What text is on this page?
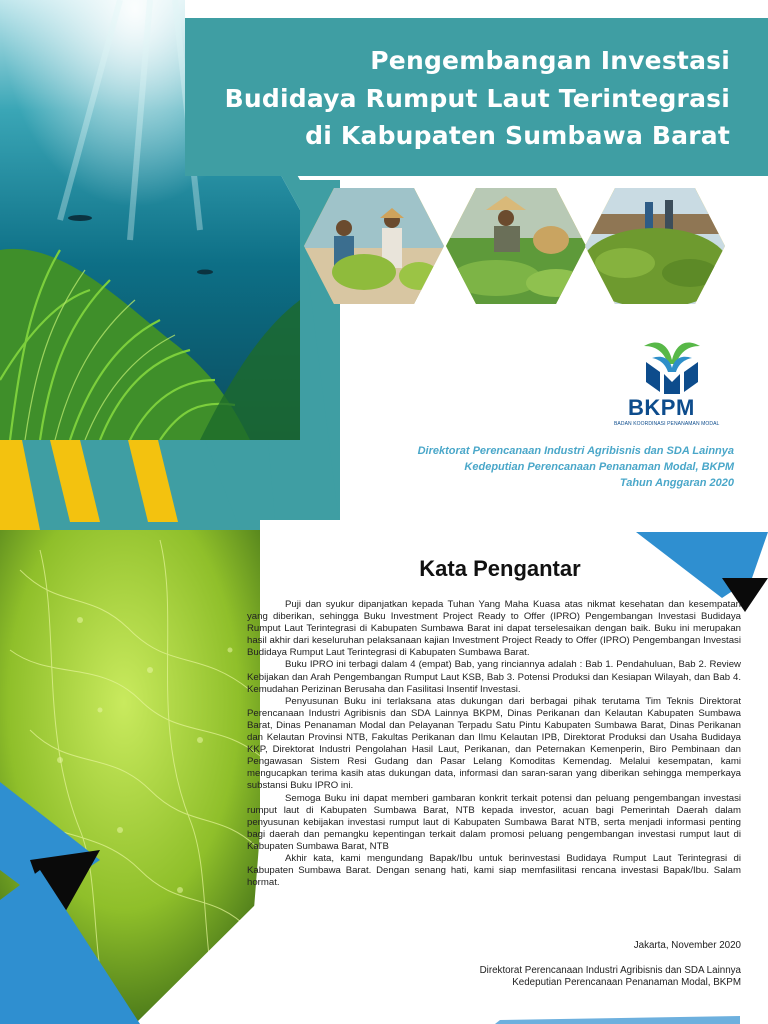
Pengembangan Investasi
Budidaya Rumput Laut Terintegrasi
di Kabupaten Sumbawa Barat
BKPM
BADAN KOORDINASI PENANAMAN MODAL
Direktorat Perencanaan Industri Agribisnis dan SDA Lainnya
Kedeputian Perencanaan Penanaman Modal, BKPM
Tahun Anggaran 2020
Kata Pengantar

Puji dan syukur dipanjatkan kepada Tuhan Yang Maha Kuasa atas nikmat kesehatan dan kesempatan yang diberikan, sehingga Buku Investment Project Ready to Offer (IPRO) Pengembangan Investasi Budidaya Rumput Laut Terintegrasi di Kabupaten Sumbawa Barat ini dapat terselesaikan dengan baik. Buku ini merupakan hasil akhir dari keseluruhan pelaksanaan kajian Investment Project Ready to Offer (IPRO) Pengembangan Investasi Budidaya Rumput Laut Terintegrasi di Kabupaten Sumbawa Barat.

Buku IPRO ini terbagi dalam 4 (empat) Bab, yang rinciannya adalah : Bab 1. Pendahuluan, Bab 2. Review Kebijakan dan Arah Pengembangan Rumput Laut KSB, Bab 3. Potensi Produksi dan Kesiapan Wilayah, dan Bab 4. Kemudahan Perizinan Berusaha dan Fasilitasi Insentif Investasi.

Penyusunan Buku ini terlaksana atas dukungan dari berbagai pihak terutama Tim Teknis Direktorat Perencanaan Industri Agribisnis dan SDA Lainnya BKPM, Dinas Perikanan dan Kelautan Kabupaten Sumbawa Barat, Dinas Penanaman Modal dan Pelayanan Terpadu Satu Pintu Kabupaten Sumbawa Barat, Dinas Perikanan dan Kelautan Provinsi NTB, Fakultas Perikanan dan Ilmu Kelautan IPB, Direktorat Produksi dan Usaha Budidaya KKP, Direktorat Industri Pengolahan Hasil Laut, Perikanan, dan Peternakan Kemenperin, Biro Pembinaan dan Pengawasan Sistem Resi Gudang dan Pasar Lelang Komoditas Kemendag. Melalui kesempatan, kami mengucapkan terima kasih atas dukungan data, informasi dan saran-saran yang diberikan sehingga memperkaya substansi Buku IPRO ini.

Semoga Buku ini dapat memberi gambaran konkrit terkait potensi dan peluang pengembangan investasi rumput laut di Kabupaten Sumbawa Barat, NTB kepada investor, acuan bagi Pemerintah Daerah dalam penyusunan kebijakan investasi rumput laut di Kabupaten Sumbawa Barat NTB, serta menjadi informasi penting bagi daerah dan pemangku kepentingan terkait dalam promosi peluang pengembangan investasi rumput laut di Kabupaten Sumbawa Barat, NTB

Akhir kata, kami mengundang Bapak/Ibu untuk berinvestasi Budidaya Rumput Laut Terintegrasi di Kabupaten Sumbawa Barat. Dengan senang hati, kami siap memfasilitasi rencana investasi Bapak/Ibu. Salam hormat.

Jakarta, November 2020
Direktorat Perencanaan Industri Agribisnis dan SDA Lainnya
Kedeputian Perencanaan Penanaman Modal, BKPM
